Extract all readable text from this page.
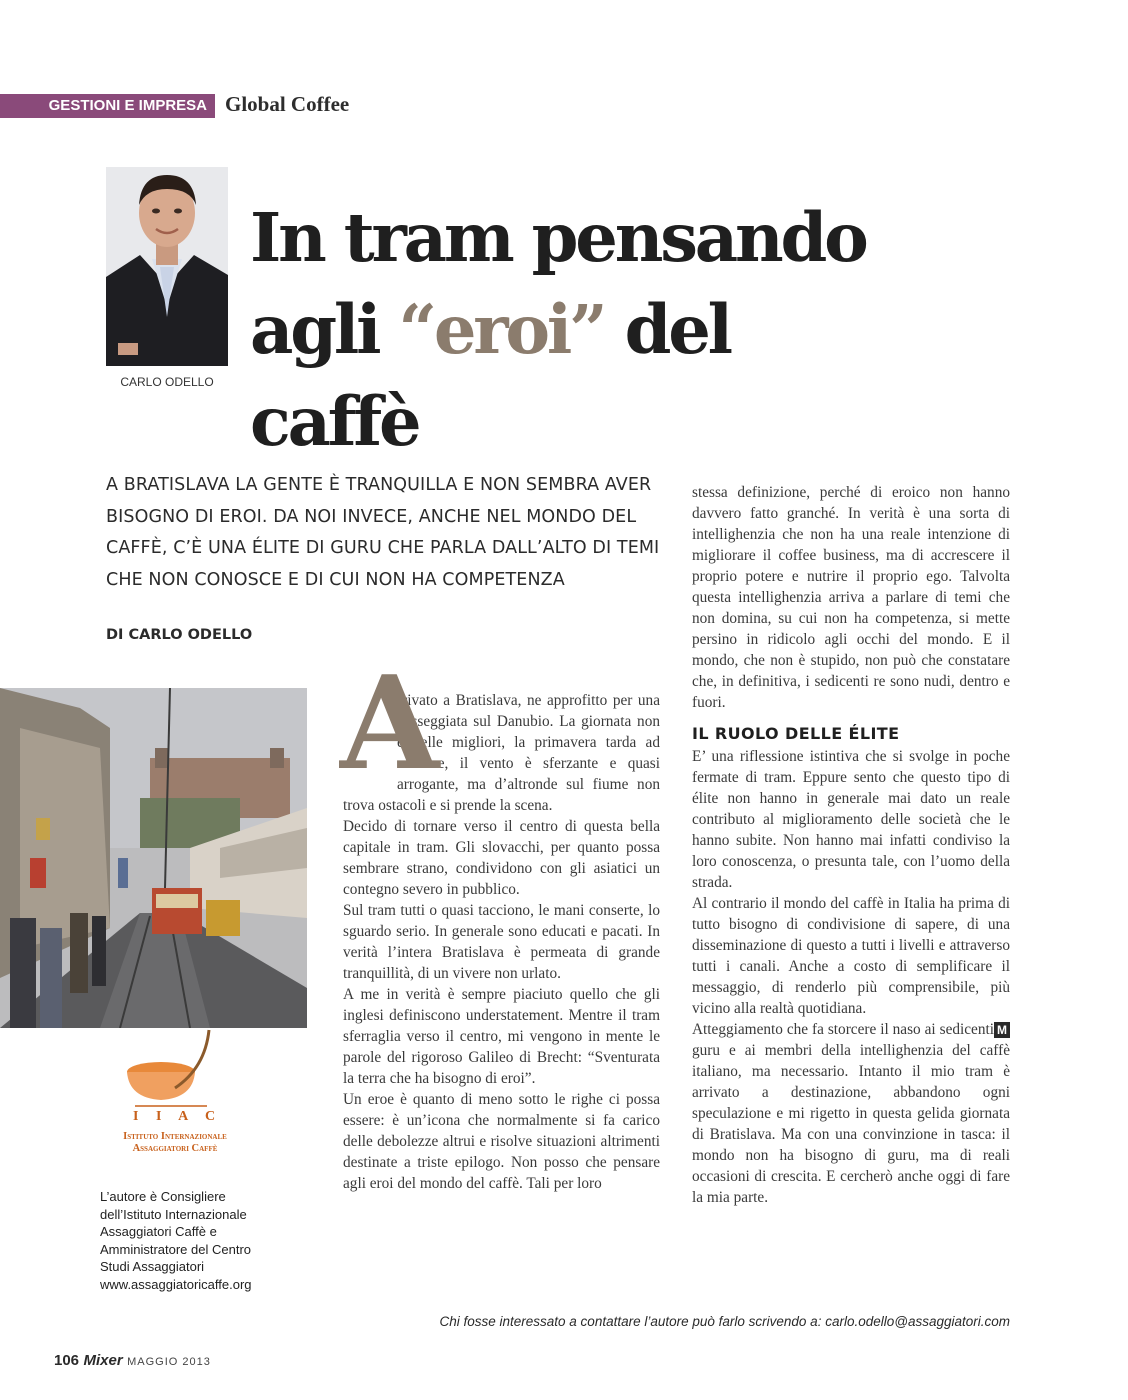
GESTIONI E IMPRESA Global Coffee
CARLO ODELLO
In tram pensando
agli “eroi” del caffè

A BRATISLAVA LA GENTE È TRANQUILLA E NON SEMBRA AVER BISOGNO DI EROI. DA NOI INVECE, ANCHE NEL MONDO DEL CAFFÈ, C’È UNA ÉLITE DI GURU CHE PARLA DALL’ALTO DI TEMI CHE NON CONOSCE E DI CUI NON HA COMPETENZA

DI CARLO ODELLO
I I A C
Istituto Internazionale
Assaggiatori Caffè
L’autore è Consigliere
dell’Istituto Internazionale
Assaggiatori Caffè e
Amministratore del Centro
Studi Assaggiatori
www.assaggiatoricaffe.org
A

rrivato a Bratislava, ne approfitto per una passeggiata sul Danubio. La giornata non è delle migliori, la primavera tarda ad arrivare, il vento è sferzante e quasi arrogante, ma d’altronde sul fiume non trova ostacoli e si prende la scena.

Decido di tornare verso il centro di questa bella capitale in tram. Gli slovacchi, per quanto possa sembrare strano, condividono con gli asiatici un contegno severo in pubblico.

Sul tram tutti o quasi tacciono, le mani conserte, lo sguardo serio. In generale sono educati e pacati. In verità l’intera Bratislava è permeata di grande tranquillità, di un vivere non urlato.

A me in verità è sempre piaciuto quello che gli inglesi definiscono understatement. Mentre il tram sferraglia verso il centro, mi vengono in mente le parole del rigoroso Galileo di Brecht: “Sventurata la terra che ha bisogno di eroi”.

Un eroe è quanto di meno sotto le righe ci possa essere: è un’icona che normalmente si fa carico delle debolezze altrui e risolve situazioni altrimenti destinate a triste epilogo. Non posso che pensare agli eroi del mondo del caffè. Tali per loro

stessa definizione, perché di eroico non hanno davvero fatto granché. In verità è una sorta di intellighenzia che non ha una reale intenzione di migliorare il coffee business, ma di accrescere il proprio potere e nutrire il proprio ego. Talvolta questa intellighenzia arriva a parlare di temi che non domina, su cui non ha competenza, si mette persino in ridicolo agli occhi del mondo. E il mondo, che non è stupido, non può che constatare che, in definitiva, i sedicenti re sono nudi, dentro e fuori.

IL RUOLO DELLE ÉLITE

E’ una riflessione istintiva che si svolge in poche fermate di tram. Eppure sento che questo tipo di élite non hanno in generale mai dato un reale contributo al miglioramento delle società che le hanno subite. Non hanno mai infatti condiviso la loro conoscenza, o presunta tale, con l’uomo della strada.

Al contrario il mondo del caffè in Italia ha prima di tutto bisogno di condivisione di sapere, di una disseminazione di questo a tutti i livelli e attraverso tutti i canali. Anche a costo di semplificare il messaggio, di renderlo più comprensibile, più vicino alla realtà quotidiana.

M
Atteggiamento che fa storcere il naso ai sedicenti guru e ai membri della intellighenzia del caffè italiano, ma necessario. Intanto il mio tram è arrivato a destinazione, abbandono ogni speculazione e mi rigetto in questa gelida giornata di Bratislava. Ma con una convinzione in tasca: il mondo non ha bisogno di guru, ma di reali occasioni di crescita. E cercherò anche oggi di fare la mia parte.

Chi fosse interessato a contattare l’autore può farlo scrivendo a: carlo.odello@assaggiatori.com
106 Mixer MAGGIO 2013
